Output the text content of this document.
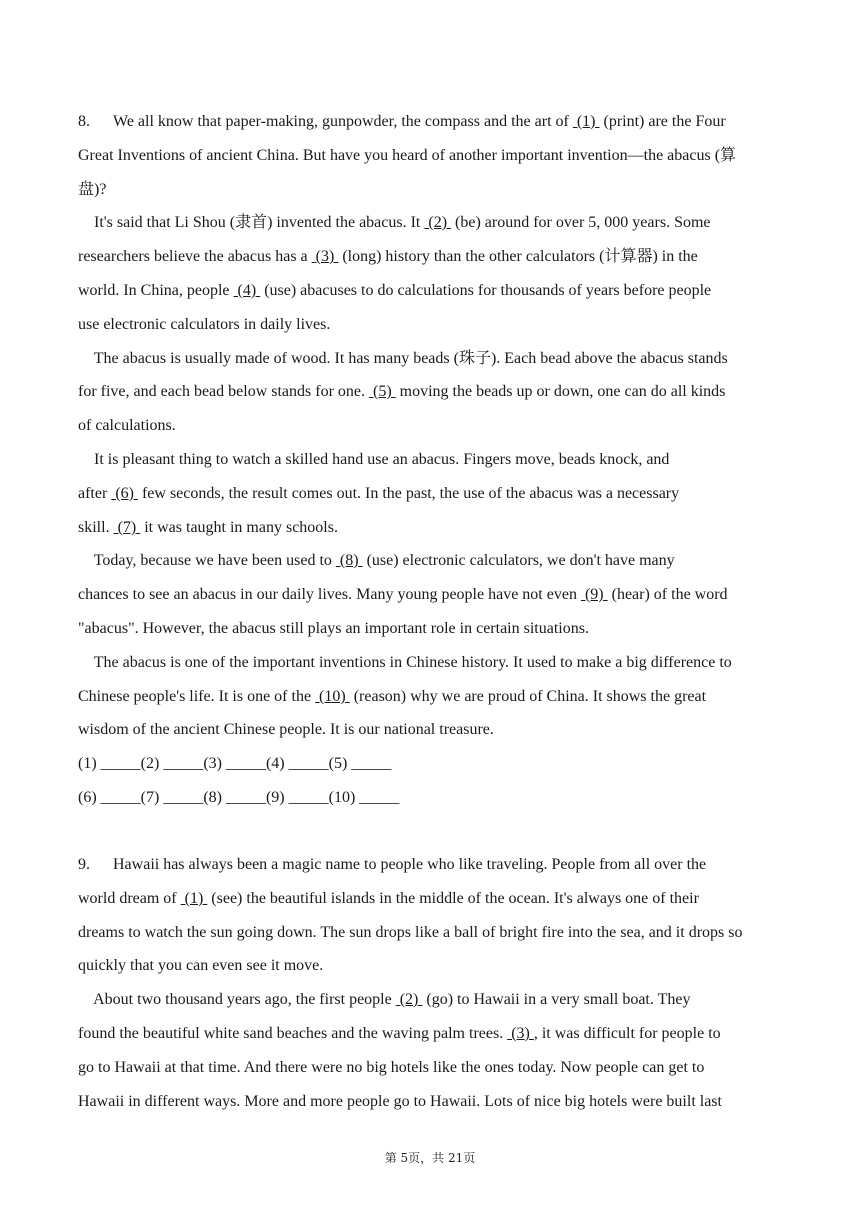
8. We all know that paper-making, gunpowder, the compass and the art of  (1)  (print) are the Four
Great Inventions of ancient China. But have you heard of another important invention—the abacus (算
盘)?
It's said that Li Shou (隶首) invented the abacus. It  (2)  (be) around for over 5, 000 years. Some
researchers believe the abacus has a  (3)  (long) history than the other calculators (计算器) in the
world. In China, people  (4)  (use) abacuses to do calculations for thousands of years before people
use electronic calculators in daily lives.
The abacus is usually made of wood. It has many beads (珠子). Each bead above the abacus stands
for five, and each bead below stands for one.  (5)  moving the beads up or down, one can do all kinds
of calculations.
It is pleasant thing to watch a skilled hand use an abacus. Fingers move, beads knock, and
after  (6)  few seconds, the result comes out. In the past, the use of the abacus was a necessary
skill.  (7)  it was taught in many schools.
Today, because we have been used to  (8)  (use) electronic calculators, we don't have many
chances to see an abacus in our daily lives. Many young people have not even  (9)  (hear) of the word
"abacus". However, the abacus still plays an important role in certain situations.
The abacus is one of the important inventions in Chinese history. It used to make a big difference to
Chinese people's life. It is one of the  (10)  (reason) why we are proud of China. It shows the great
wisdom of the ancient Chinese people. It is our national treasure.
(1) _____(2) _____(3) _____(4) _____(5) _____
(6) _____(7) _____(8) _____(9) _____(10) _____
9. Hawaii has always been a magic name to people who like traveling. People from all over the
world dream of  (1)  (see) the beautiful islands in the middle of the ocean. It's always one of their
dreams to watch the sun going down. The sun drops like a ball of bright fire into the sea, and it drops so
quickly that you can even see it move.
About two thousand years ago, the first people  (2)  (go) to Hawaii in a very small boat. They
found the beautiful white sand beaches and the waving palm trees.  (3) , it was difficult for people to
go to Hawaii at that time. And there were no big hotels like the ones today. Now people can get to
Hawaii in different ways. More and more people go to Hawaii. Lots of nice big hotels were built last
第 5页，共 21页
